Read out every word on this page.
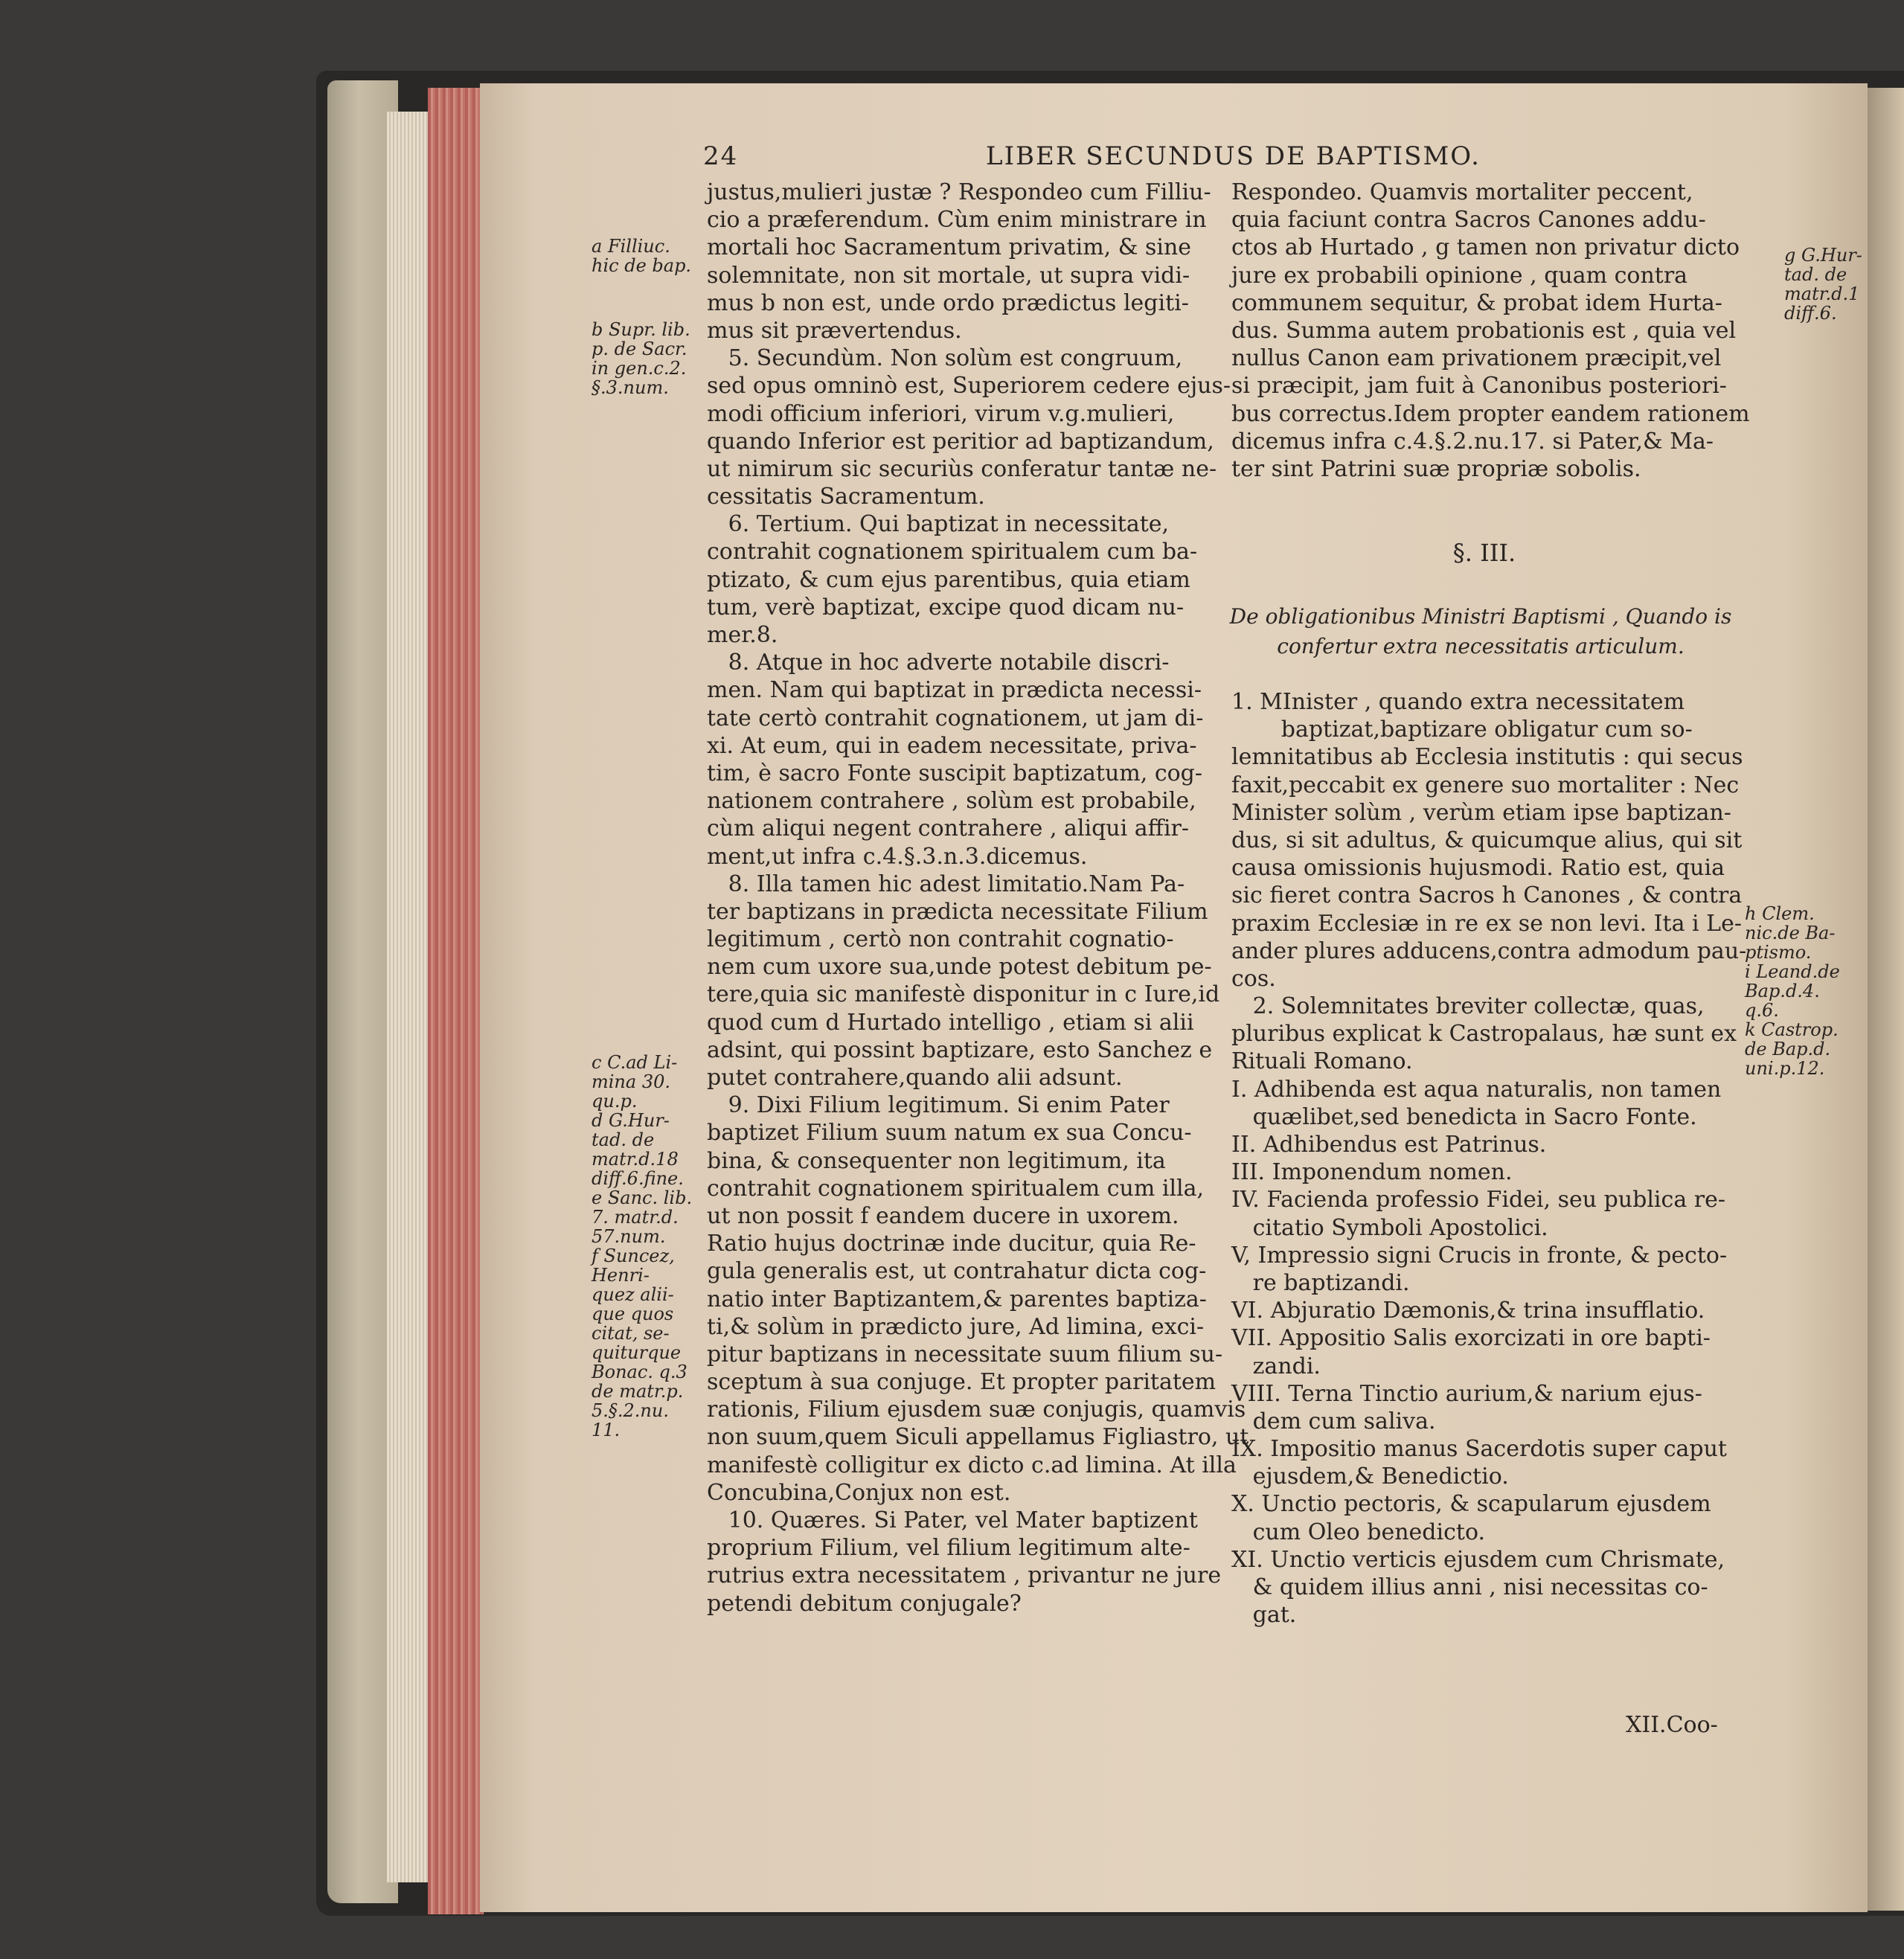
24	LIBER SECUNDUS DE BAPTISMO.
justus,mulieri justæ ? Respondeo cum Filliu-
cio a præferendum. Cùm enim ministrare in
mortali hoc Sacramentum privatim, & sine
solemnitate, non sit mortale, ut supra vidi-
mus b non est, unde ordo prædictus legiti-
mus sit prævertendus.
5. Secundùm. Non solùm est congruum,
sed opus omninò est, Superiorem cedere ejus-
modi officium inferiori, virum v.g.mulieri,
quando Inferior est peritior ad baptizandum,
ut nimirum sic securiùs conferatur tantæ ne-
cessitatis Sacramentum.
6. Tertium. Qui baptizat in necessitate,
contrahit cognationem spiritualem cum ba-
ptizato, & cum ejus parentibus, quia etiam
tum, verè baptizat, excipe quod dicam nu-
mer.8.
8. Atque in hoc adverte notabile discri-
men. Nam qui baptizat in prædicta necessi-
tate certò contrahit cognationem, ut jam di-
xi. At eum, qui in eadem necessitate, priva-
tim, è sacro Fonte suscipit baptizatum, cog-
nationem contrahere , solùm est probabile,
cùm aliqui negent contrahere , aliqui affir-
ment,ut infra c.4.§.3.n.3.dicemus.
8. Illa tamen hic adest limitatio.Nam Pa-
ter baptizans in prædicta necessitate Filium
legitimum , certò non contrahit cognatio-
nem cum uxore sua,unde potest debitum pe-
tere,quia sic manifestè disponitur in c Iure,id
quod cum d Hurtado intelligo , etiam si alii
adsint, qui possint baptizare, esto Sanchez e
putet contrahere,quando alii adsunt.
9. Dixi Filium legitimum. Si enim Pater
baptizet Filium suum natum ex sua Concu-
bina, & consequenter non legitimum, ita
contrahit cognationem spiritualem cum illa,
ut non possit f eandem ducere in uxorem.
Ratio hujus doctrinæ inde ducitur, quia Re-
gula generalis est, ut contrahatur dicta cog-
natio inter Baptizantem,& parentes baptiza-
ti,& solùm in prædicto jure, Ad limina, exci-
pitur baptizans in necessitate suum filium su-
sceptum à sua conjuge. Et propter paritatem
rationis, Filium ejusdem suæ conjugis, quamvis
non suum,quem Siculi appellamus Figliastro, ut
manifestè colligitur ex dicto c.ad limina. At illa
Concubina,Conjux non est.
10. Quæres. Si Pater, vel Mater baptizent
proprium Filium, vel filium legitimum alte-
rutrius extra necessitatem , privantur ne jure
petendi debitum conjugale?
Respondeo. Quamvis mortaliter peccent,
quia faciunt contra Sacros Canones addu-
ctos ab Hurtado , g tamen non privatur dicto
jure ex probabili opinione , quam contra
communem sequitur, & probat idem Hurta-
dus. Summa autem probationis est , quia vel
nullus Canon eam privationem præcipit,vel
si præcipit, jam fuit à Canonibus posteriori-
bus correctus.Idem propter eandem rationem
dicemus infra c.4.§.2.nu.17. si Pater,& Ma-
ter sint Patrini suæ propriæ sobolis.
§. III.
De obligationibus Ministri Baptismi , Quando is
confertur extra necessitatis articulum.
1. MInister , quando extra necessitatem
baptizat,baptizare obligatur cum so-
lemnitatibus ab Ecclesia institutis : qui secus
faxit,peccabit ex genere suo mortaliter : Nec
Minister solùm , verùm etiam ipse baptizan-
dus, si sit adultus, & quicumque alius, qui sit
causa omissionis hujusmodi. Ratio est, quia
sic fieret contra Sacros h Canones , & contra
praxim Ecclesiæ in re ex se non levi. Ita i Le-
ander plures adducens,contra admodum pau-
cos.
2. Solemnitates breviter collectæ, quas,
pluribus explicat k Castropalaus, hæ sunt ex
Rituali Romano.
I. Adhibenda est aqua naturalis, non tamen
quælibet,sed benedicta in Sacro Fonte.
II. Adhibendus est Patrinus.
III. Imponendum nomen.
IV. Facienda professio Fidei, seu publica re-
citatio Symboli Apostolici.
V, Impressio signi Crucis in fronte, & pecto-
re baptizandi.
VI. Abjuratio Dæmonis,& trina insufflatio.
VII. Appositio Salis exorcizati in ore bapti-
zandi.
VIII. Terna Tinctio aurium,& narium ejus-
dem cum saliva.
IX. Impositio manus Sacerdotis super caput
ejusdem,& Benedictio.
X. Unctio pectoris, & scapularum ejusdem
cum Oleo benedicto.
XI. Unctio verticis ejusdem cum Chrismate,
& quidem illius anni , nisi necessitas co-
gat.
XII.Coo-
a Filliuc.
hic de bap.
b Supr. lib.
p. de Sacr.
in gen.c.2.
§.3.num.
c C.ad Li-
mina 30.
qu.p.
d G.Hur-
tad. de
matr.d.18
diff.6.fine.
e Sanc. lib.
7. matr.d.
57.num.
f Suncez,
Henri-
quez alii-
que quos
citat, se-
quiturque
Bonac. q.3
de matr.p.
5.§.2.nu.
11.
g G.Hur-
tad. de
matr.d.1
diff.6.
h Clem.
nic.de Ba-
ptismo.
i Leand.de
Bap.d.4.
q.6.
k Castrop.
de Bap.d.
uni.p.12.
